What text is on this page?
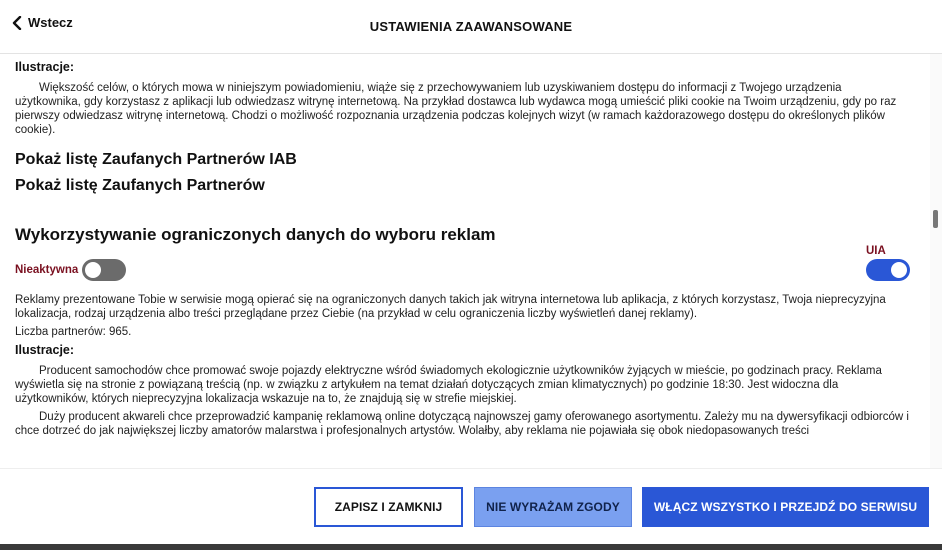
Wstecz	USTAWIENIA ZAAWANSOWANE
Ilustracje:

Większość celów, o których mowa w niniejszym powiadomieniu, wiąże się z przechowywaniem lub uzyskiwaniem dostępu do informacji z Twojego urządzenia użytkownika, gdy korzystasz z aplikacji lub odwiedzasz witrynę internetową. Na przykład dostawca lub wydawca mogą umieścić pliki cookie na Twoim urządzeniu, gdy po raz pierwszy odwiedzasz witrynę internetową. Chodzi o możliwość rozpoznania urządzenia podczas kolejnych wizyt (w ramach każdorazowego dostępu do określonych plików cookie).

Pokaż listę Zaufanych Partnerów IAB
Pokaż listę Zaufanych Partnerów
Wykorzystywanie ograniczonych danych do wyboru reklam
Nieaktywna
UIA

Reklamy prezentowane Tobie w serwisie mogą opierać się na ograniczonych danych takich jak witryna internetowa lub aplikacja, z których korzystasz, Twoja nieprecyzyjna lokalizacja, rodzaj urządzenia albo treści przeglądane przez Ciebie (na przykład w celu ograniczenia liczby wyświetleń danej reklamy).

Liczba partnerów: 965.

Ilustracje:

Producent samochodów chce promować swoje pojazdy elektryczne wśród świadomych ekologicznie użytkowników żyjących w mieście, po godzinach pracy. Reklama wyświetla się na stronie z powiązaną treścią (np. w związku z artykułem na temat działań dotyczących zmian klimatycznych) po godzinie 18:30. Jest widoczna dla użytkowników, których nieprecyzyjna lokalizacja wskazuje na to, że znajdują się w strefie miejskiej.

Duży producent akwareli chce przeprowadzić kampanię reklamową online dotyczącą najnowszej gamy oferowanego asortymentu. Zależy mu na dywersyfikacji odbiorców i chce dotrzeć do jak największej liczby amatorów malarstwa i profesjonalnych artystów. Wolałby, aby reklama nie pojawiała się obok niedopasowanych treści

ZAPISZ I ZAMKNIJ	NIE WYRAŻAM ZGODY	WŁĄCZ WSZYSTKO I PRZEJDŹ DO SERWISU
